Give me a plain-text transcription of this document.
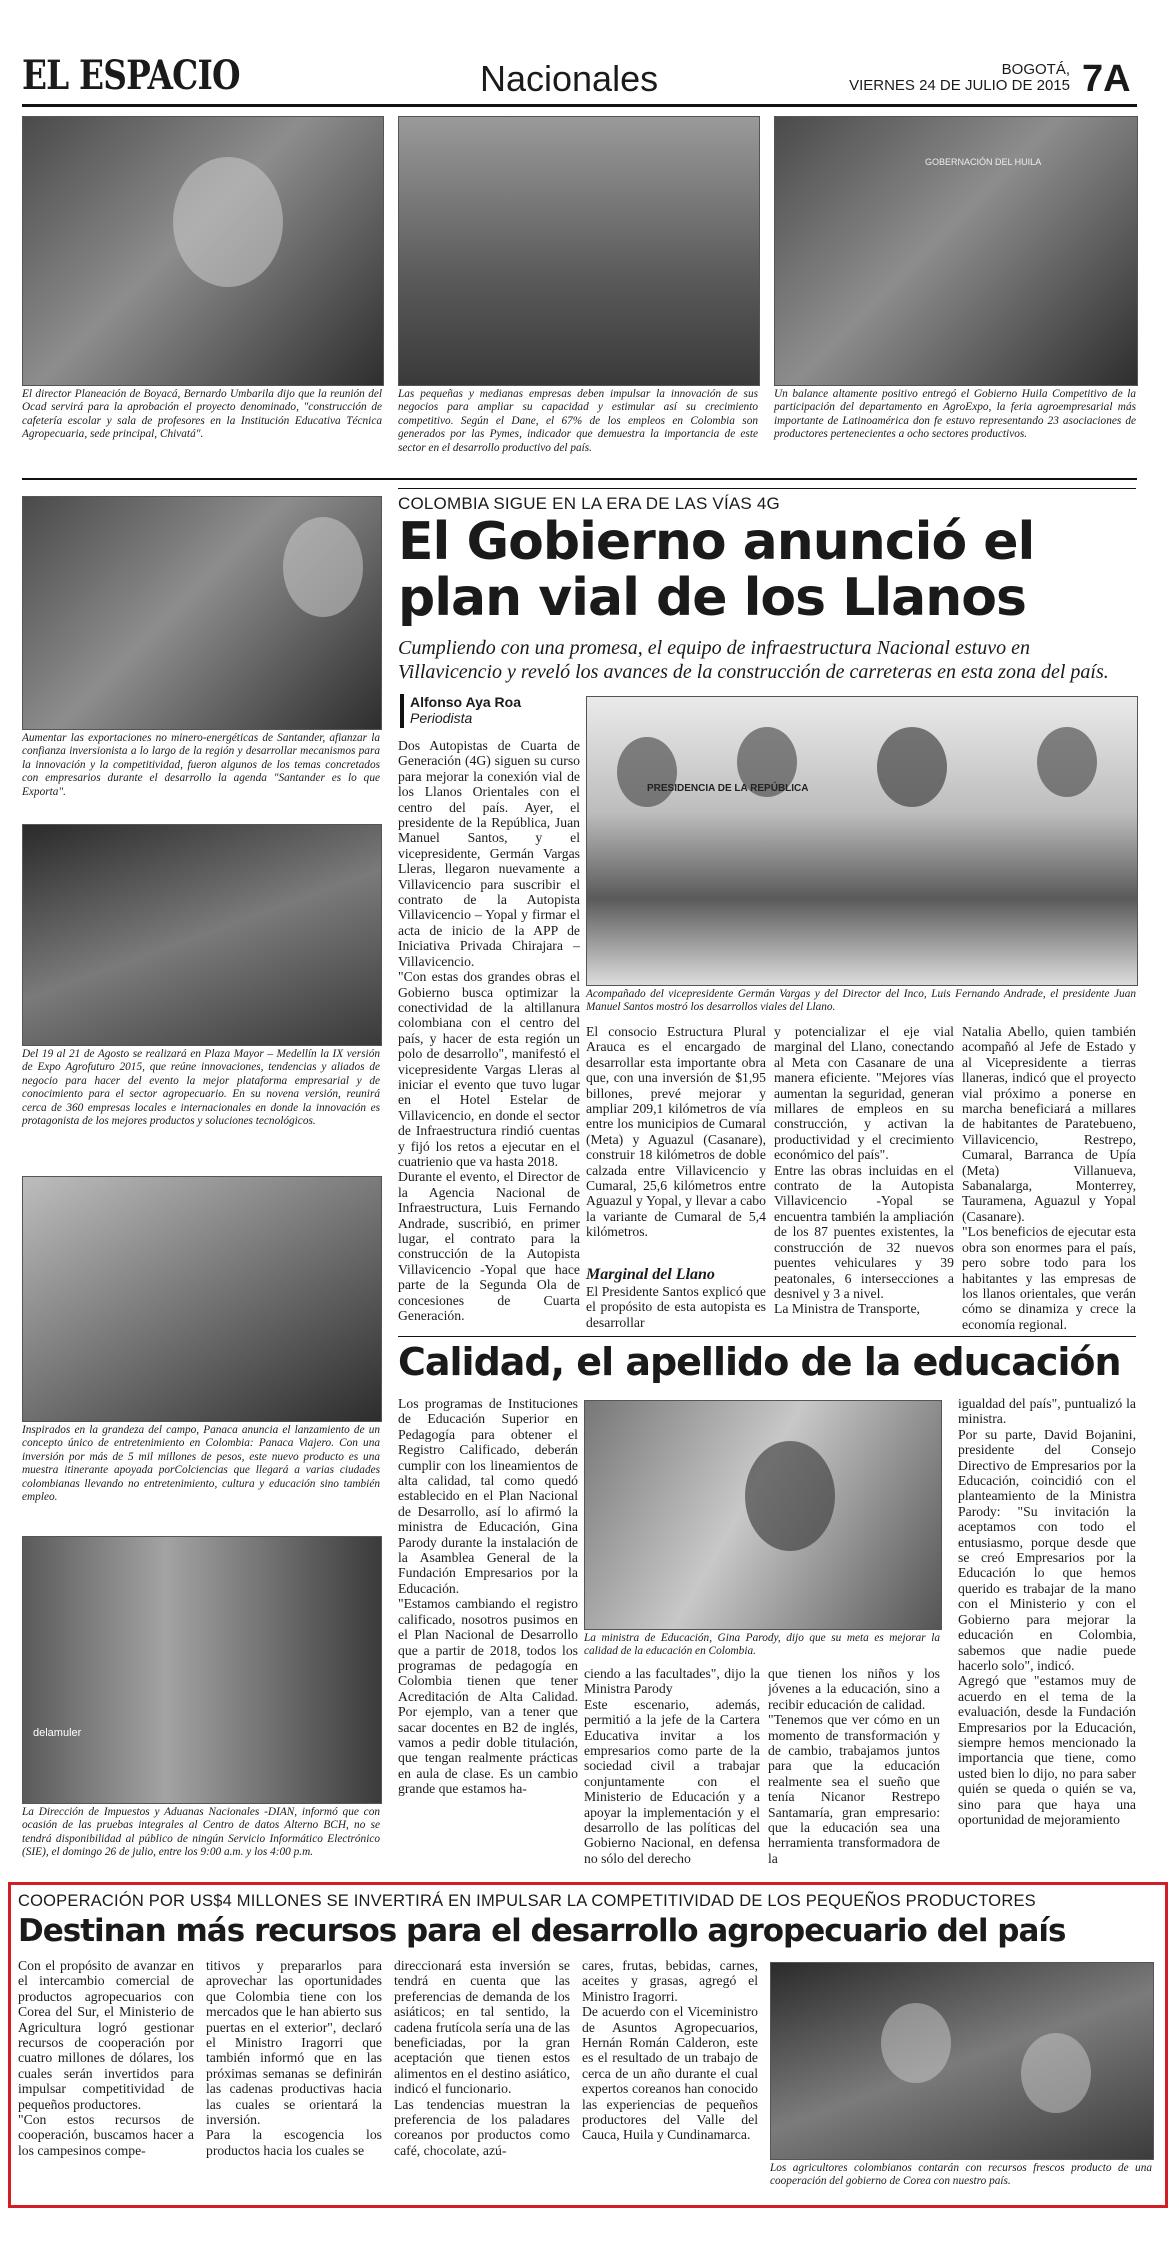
EL ESPACIO	Nacionales	BOGOTÁ,
VIERNES 24 DE JULIO DE 2015 7A
GOBERNACIÓN DEL HUILA
El director Planeación de Boyacá, Bernardo Umbarila dijo que la reunión del Ocad servirá para la aprobación el proyecto denominado, "construcción de cafetería escolar y sala de profesores en la Institución Educativa Técnica Agropecuaria, sede principal, Chivatá".
Las pequeñas y medianas empresas deben impulsar la innovación de sus negocios para ampliar su capacidad y estimular así su crecimiento competitivo. Según el Dane, el 67% de los empleos en Colombia son generados por las Pymes, indicador que demuestra la importancia de este sector en el desarrollo productivo del país.
Un balance altamente positivo entregó el Gobierno Huila Competitivo de la participación del departamento en AgroExpo, la feria agroempresarial más importante de Latinoamérica don fe estuvo representando 23 asociaciones de productores pertenecientes a ocho sectores productivos.
Aumentar las exportaciones no minero-energéticas de Santander, afianzar la confianza inversionista a lo largo de la región y desarrollar mecanismos para la innovación y la competitividad, fueron algunos de los temas concretados con empresarios durante el desarrollo la agenda "Santander es lo que Exporta".
Del 19 al 21 de Agosto se realizará en Plaza Mayor – Medellín la IX versión de Expo Agrofuturo 2015, que reúne innovaciones, tendencias y aliados de negocio para hacer del evento la mejor plataforma empresarial y de conocimiento para el sector agropecuario. En su novena versión, reunirá cerca de 360 empresas locales e internacionales en donde la innovación es protagonista de los mejores productos y soluciones tecnológicos.
Inspirados en la grandeza del campo, Panaca anuncia el lanzamiento de un concepto único de entretenimiento en Colombia: Panaca Viajero. Con una inversión por más de 5 mil millones de pesos, este nuevo producto es una muestra itinerante apoyada porColciencias que llegará a varias ciudades colombianas llevando no entretenimiento, cultura y educación sino también empleo.
delamuler
La Dirección de Impuestos y Aduanas Nacionales -DIAN, informó que con ocasión de las pruebas integrales al Centro de datos Alterno BCH, no se tendrá disponibilidad al público de ningún Servicio Informático Electrónico (SIE), el domingo 26 de julio, entre los 9:00 a.m. y los 4:00 p.m.
COLOMBIA SIGUE EN LA ERA DE LAS VÍAS 4G
El Gobierno anunció el
plan vial de los Llanos
Cumpliendo con una promesa, el equipo de infraestructura Nacional estuvo en Villavicencio y reveló los avances de la construcción de carreteras en esta zona del país.
Alfonso Aya Roa
Periodista
Dos Autopistas de Cuarta de Generación (4G) siguen su curso para mejorar la conexión vial de los Llanos Orientales con el centro del país. Ayer, el presidente de la República, Juan Manuel Santos, y el vicepresidente, Germán Vargas Lleras, llegaron nuevamente a Villavicencio para suscribir el contrato de la Autopista Villavicencio – Yopal y firmar el acta de inicio de la APP de Iniciativa Privada Chirajara – Villavicencio.
"Con estas dos grandes obras el Gobierno busca optimizar la conectividad de la altillanura colombiana con el centro del país, y hacer de esta región un polo de desarrollo", manifestó el vicepresidente Vargas Lleras al iniciar el evento que tuvo lugar en el Hotel Estelar de Villavicencio, en donde el sector de Infraestructura rindió cuentas y fijó los retos a ejecutar en el cuatrienio que va hasta 2018.
Durante el evento, el Director de la Agencia Nacional de Infraestructura, Luis Fernando Andrade, suscribió, en primer lugar, el contrato para la construcción de la Autopista Villavicencio -Yopal que hace parte de la Segunda Ola de concesiones de Cuarta Generación.
PRESIDENCIA DE LA REPÚBLICA
Acompañado del vicepresidente Germán Vargas y del Director del Inco, Luis Fernando Andrade, el presidente Juan Manuel Santos mostró los desarrollos viales del Llano.
El consocio Estructura Plural Arauca es el encargado de desarrollar esta importante obra que, con una inversión de $1,95 billones, prevé mejorar y ampliar 209,1 kilómetros de vía entre los municipios de Cumaral (Meta) y Aguazul (Casanare), construir 18 kilómetros de doble calzada entre Villavicencio y Cumaral, 25,6 kilómetros entre Aguazul y Yopal, y llevar a cabo la variante de Cumaral de 5,4 kilómetros.
Marginal del Llano
El Presidente Santos explicó que el propósito de esta autopista es desarrollar
y potencializar el eje vial marginal del Llano, conectando al Meta con Casanare de una manera eficiente. "Mejores vías aumentan la seguridad, generan millares de empleos en su construcción, y activan la productividad y el crecimiento económico del país".
Entre las obras incluidas en el contrato de la Autopista Villavicencio -Yopal se encuentra también la ampliación de los 87 puentes existentes, la construcción de 32 nuevos puentes vehiculares y 39 peatonales, 6 intersecciones a desnivel y 3 a nivel.
La Ministra de Transporte,
Natalia Abello, quien también acompañó al Jefe de Estado y al Vicepresidente a tierras llaneras, indicó que el proyecto vial próximo a ponerse en marcha beneficiará a millares de habitantes de Paratebueno, Villavicencio, Restrepo, Cumaral, Barranca de Upía (Meta) Villanueva, Sabanalarga, Monterrey, Tauramena, Aguazul y Yopal (Casanare).
"Los beneficios de ejecutar esta obra son enormes para el país, pero sobre todo para los habitantes y las empresas de los llanos orientales, que verán cómo se dinamiza y crece la economía regional.
Calidad, el apellido de la educación
Los programas de Instituciones de Educación Superior en Pedagogía para obtener el Registro Calificado, deberán cumplir con los lineamientos de alta calidad, tal como quedó establecido en el Plan Nacional de Desarrollo, así lo afirmó la ministra de Educación, Gina Parody durante la instalación de la Asamblea General de la Fundación Empresarios por la Educación.
"Estamos cambiando el registro calificado, nosotros pusimos en el Plan Nacional de Desarrollo que a partir de 2018, todos los programas de pedagogía en Colombia tienen que tener Acreditación de Alta Calidad. Por ejemplo, van a tener que sacar docentes en B2 de inglés, vamos a pedir doble titulación, que tengan realmente prácticas en aula de clase. Es un cambio grande que estamos ha-
La ministra de Educación, Gina Parody, dijo que su meta es mejorar la calidad de la educación en Colombia.
ciendo a las facultades", dijo la Ministra Parody
Este escenario, además, permitió a la jefe de la Cartera Educativa invitar a los empresarios como parte de la sociedad civil a trabajar conjuntamente con el Ministerio de Educación y a apoyar la implementación y el desarrollo de las políticas del Gobierno Nacional, en defensa no sólo del derecho
que tienen los niños y los jóvenes a la educación, sino a recibir educación de calidad.
"Tenemos que ver cómo en un momento de transformación y de cambio, trabajamos juntos para que la educación realmente sea el sueño que tenía Nicanor Restrepo Santamaría, gran empresario: que la educación sea una herramienta transformadora de la
igualdad del país", puntualizó la ministra.
Por su parte, David Bojanini, presidente del Consejo Directivo de Empresarios por la Educación, coincidió con el planteamiento de la Ministra Parody: "Su invitación la aceptamos con todo el entusiasmo, porque desde que se creó Empresarios por la Educación lo que hemos querido es trabajar de la mano con el Ministerio y con el Gobierno para mejorar la educación en Colombia, sabemos que nadie puede hacerlo solo", indicó.
Agregó que "estamos muy de acuerdo en el tema de la evaluación, desde la Fundación Empresarios por la Educación, siempre hemos mencionado la importancia que tiene, como usted bien lo dijo, no para saber quién se queda o quién se va, sino para que haya una oportunidad de mejoramiento
COOPERACIÓN POR US$4 MILLONES SE INVERTIRÁ EN IMPULSAR LA COMPETITIVIDAD DE LOS PEQUEÑOS PRODUCTORES
Destinan más recursos para el desarrollo agropecuario del país
Con el propósito de avanzar en el intercambio comercial de productos agropecuarios con Corea del Sur, el Ministerio de Agricultura logró gestionar recursos de cooperación por cuatro millones de dólares, los cuales serán invertidos para impulsar competitividad de pequeños productores.
"Con estos recursos de cooperación, buscamos hacer a los campesinos compe-
titivos y prepararlos para aprovechar las oportunidades que Colombia tiene con los mercados que le han abierto sus puertas en el exterior", declaró el Ministro Iragorri que también informó que en las próximas semanas se definirán las cadenas productivas hacia las cuales se orientará la inversión.
Para la escogencia los productos hacia los cuales se
direccionará esta inversión se tendrá en cuenta que las preferencias de demanda de los asiáticos; en tal sentido, la cadena frutícola sería una de las beneficiadas, por la gran aceptación que tienen estos alimentos en el destino asiático, indicó el funcionario.
Las tendencias muestran la preferencia de los paladares coreanos por productos como café, chocolate, azú-
cares, frutas, bebidas, carnes, aceites y grasas, agregó el Ministro Iragorri.
De acuerdo con el Viceministro de Asuntos Agropecuarios, Hernán Román Calderon, este es el resultado de un trabajo de cerca de un año durante el cual expertos coreanos han conocido las experiencias de pequeños productores del Valle del Cauca, Huila y Cundinamarca.
Los agricultores colombianos contarán con recursos frescos producto de una cooperación del gobierno de Corea con nuestro país.
